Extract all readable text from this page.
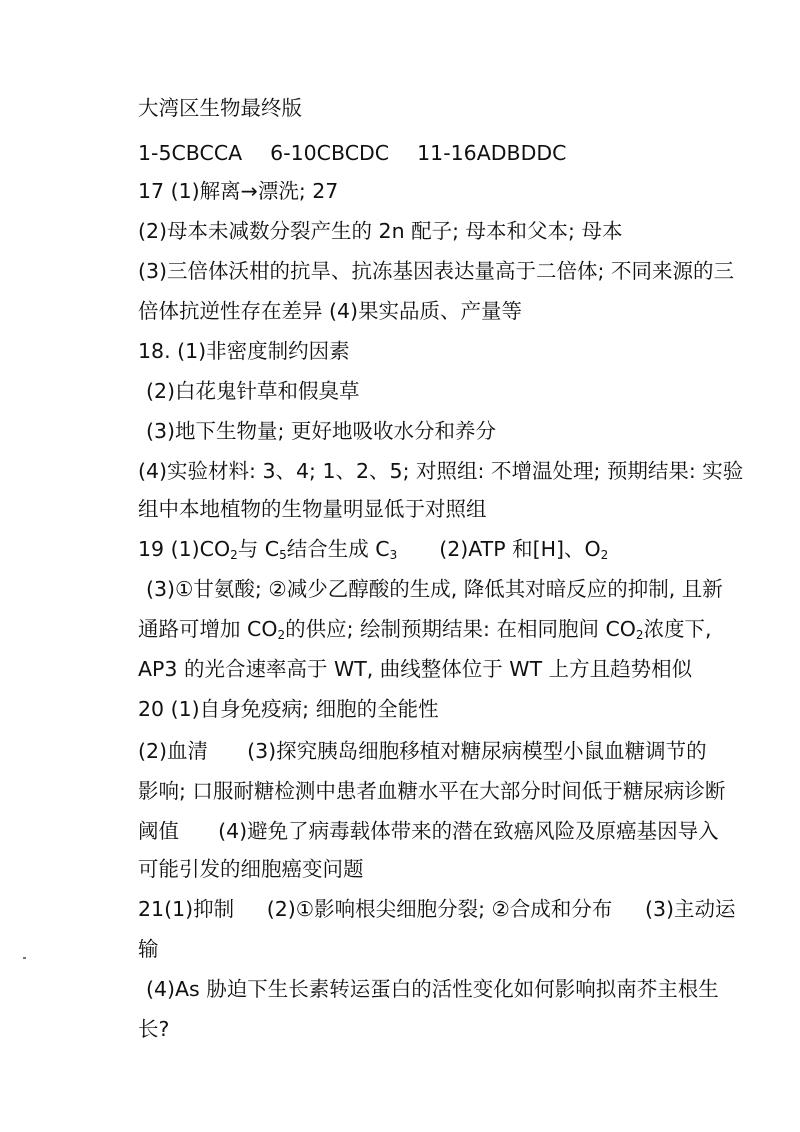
大湾区生物最终版
1-5CBCCA 6-10CBCDC 11-16ADBDDC
17 (1)解离→漂洗; 27
(2)母本未减数分裂产生的 2n 配子; 母本和父本; 母本
(3)三倍体沃柑的抗旱、抗冻基因表达量高于二倍体; 不同来源的三
倍体抗逆性存在差异 (4)果实品质、产量等
18. (1)非密度制约因素
(2)白花鬼针草和假臭草
(3)地下生物量; 更好地吸收水分和养分
(4)实验材料: 3、4; 1、2、5; 对照组: 不增温处理; 预期结果: 实验
组中本地植物的生物量明显低于对照组
19 $(1)CO_2$与 $C_5$结合生成 $C_3$ (2)ATP 和[H]、$O_2$
(3)①甘氨酸; ②减少乙醇酸的生成, 降低其对暗反应的抑制, 且新
通路可增加 $CO_2$的供应; 绘制预期结果: 在相同胞间 $CO_2$浓度下,
AP3 的光合速率高于 WT, 曲线整体位于 WT 上方且趋势相似
20 (1)自身免疫病; 细胞的全能性
(2)血清      (3)探究胰岛细胞移植对糖尿病模型小鼠血糖调节的
影响; 口服耐糖检测中患者血糖水平在大部分时间低于糖尿病诊断
阈值      (4)避免了病毒载体带来的潜在致癌风险及原癌基因导入
可能引发的细胞癌变问题
21(1)抑制     (2)①影响根尖细胞分裂; ②合成和分布     (3)主动运
输
(4)As 胁迫下生长素转运蛋白的活性变化如何影响拟南芥主根生
长?
